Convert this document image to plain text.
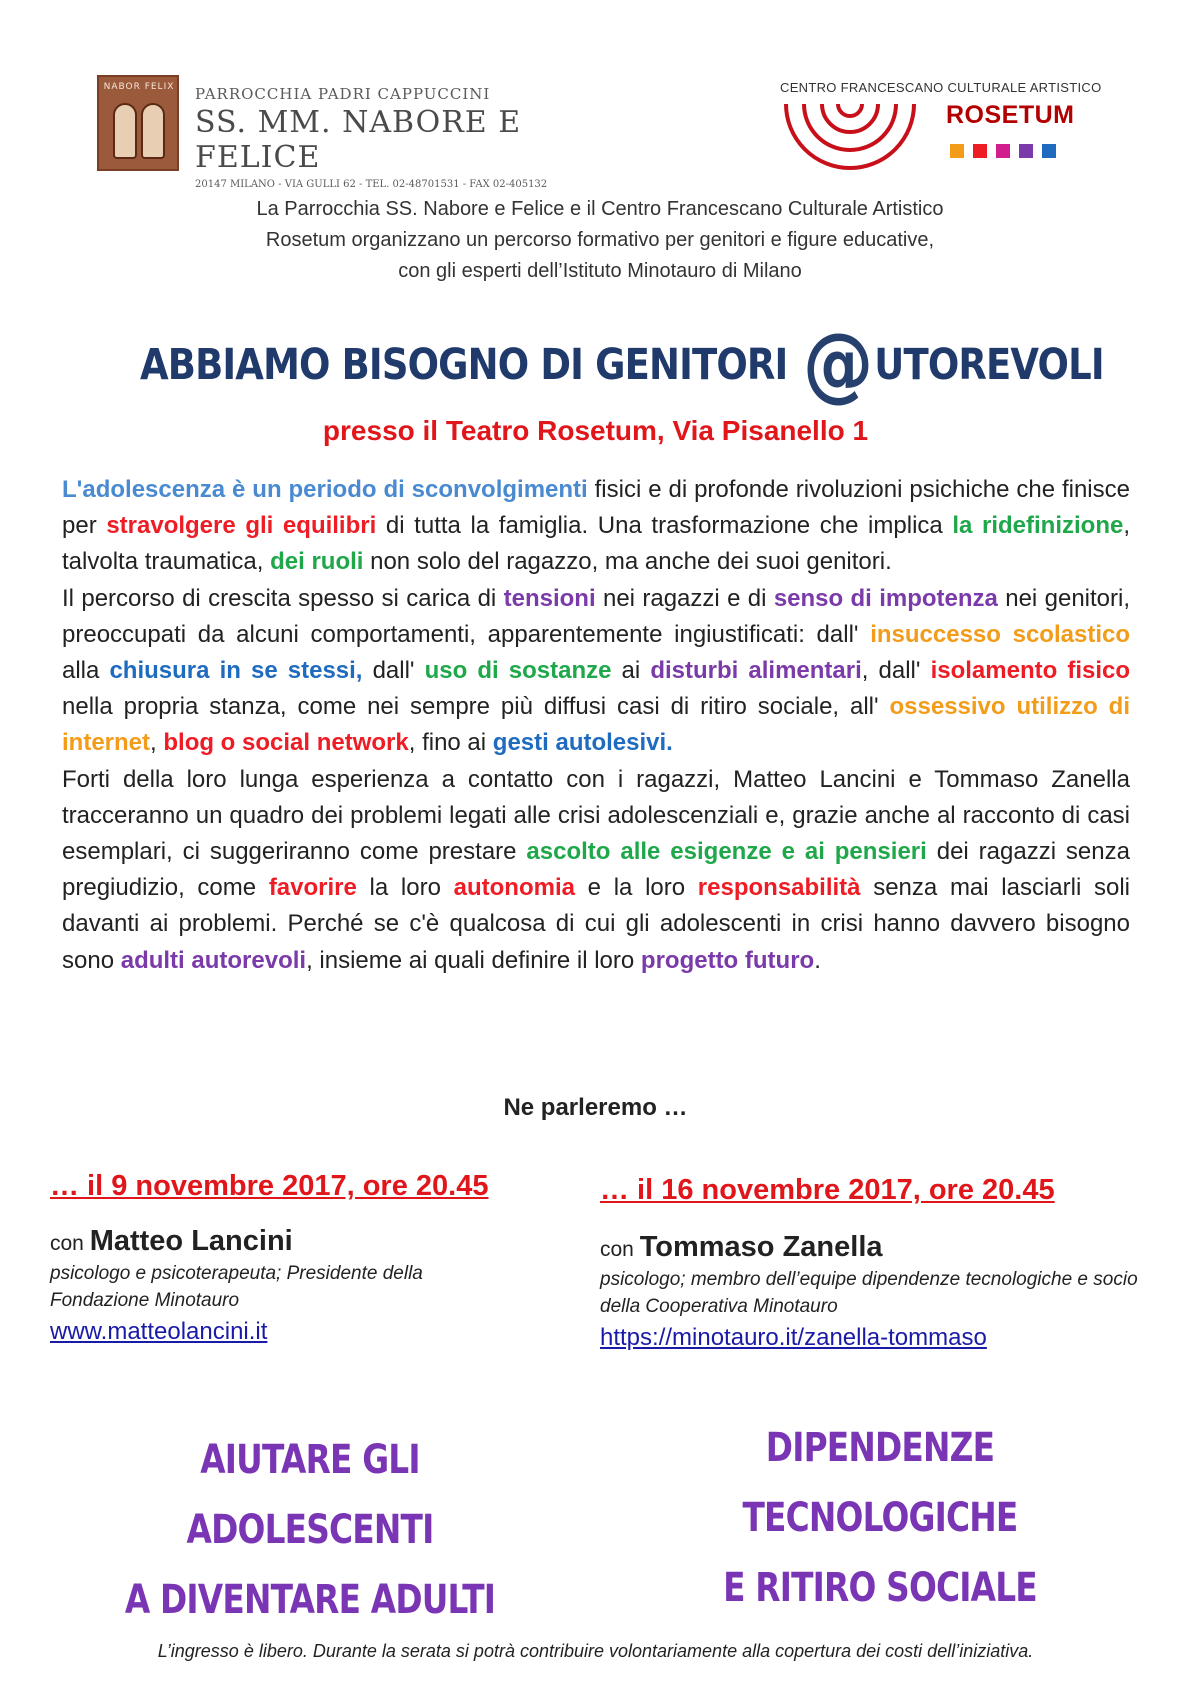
NABOR FELIX PARROCCHIA PADRI CAPPUCCINI
SS. MM. NABORE E FELICE
20147 MILANO - VIA GULLI 62 - TEL. 02-48701531 - FAX 02-405132
CENTRO FRANCESCANO CULTURALE ARTISTICO
ROSETUM
La Parrocchia SS. Nabore e Felice e il Centro Francescano Culturale Artistico
Rosetum organizzano un percorso formativo per genitori e figure educative,
con gli esperti dell’Istituto Minotauro di Milano
ABBIAMO BISOGNO DI GENITORI @UTOREVOLI
presso il Teatro Rosetum, Via Pisanello 1

L'adolescenza è un periodo di sconvolgimenti fisici e di profonde rivoluzioni psichiche che finisce per stravolgere gli equilibri di tutta la famiglia. Una trasformazione che implica la ridefinizione, talvolta traumatica, dei ruoli non solo del ragazzo, ma anche dei suoi genitori.

Il percorso di crescita spesso si carica di tensioni nei ragazzi e di senso di impotenza nei genitori, preoccupati da alcuni comportamenti, apparentemente ingiustificati: dall' insuccesso scolastico alla chiusura in se stessi, dall' uso di sostanze ai disturbi alimentari, dall' isolamento fisico nella propria stanza, come nei sempre più diffusi casi di ritiro sociale, all' ossessivo utilizzo di internet, blog o social network, fino ai gesti autolesivi.

Forti della loro lunga esperienza a contatto con i ragazzi, Matteo Lancini e Tommaso Zanella tracceranno un quadro dei problemi legati alle crisi adolescenziali e, grazie anche al racconto di casi esemplari, ci suggeriranno come prestare ascolto alle esigenze e ai pensieri dei ragazzi senza pregiudizio, come favorire la loro autonomia e la loro responsabilità senza mai lasciarli soli davanti ai problemi. Perché se c'è qualcosa di cui gli adolescenti in crisi hanno davvero bisogno sono adulti autorevoli, insieme ai quali definire il loro progetto futuro.

Ne parleremo …
… il 9 novembre 2017, ore 20.45
con Matteo Lancini
psicologo e psicoterapeuta; Presidente della Fondazione Minotauro
www.matteolancini.it
… il 16 novembre 2017, ore 20.45
con Tommaso Zanella
psicologo; membro dell’equipe dipendenze tecnologiche e socio della Cooperativa Minotauro
https://minotauro.it/zanella-tommaso
AIUTARE GLI ADOLESCENTI
A DIVENTARE ADULTI
DIPENDENZE TECNOLOGICHE
E RITIRO SOCIALE
L’ingresso è libero. Durante la serata si potrà contribuire volontariamente alla copertura dei costi dell’iniziativa.
